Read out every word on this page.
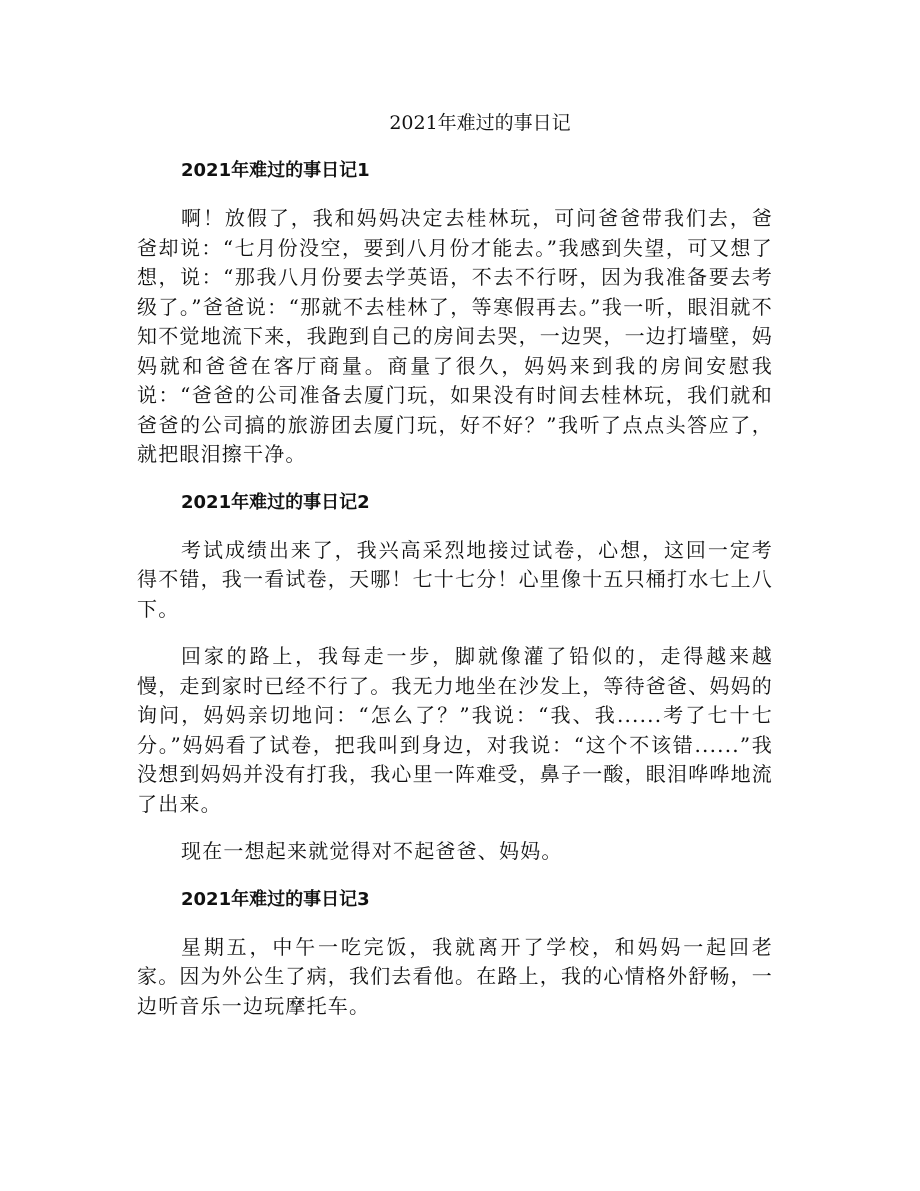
2021年难过的事日记
2021年难过的事日记1

啊！放假了，我和妈妈决定去桂林玩，可问爸爸带我们去，爸爸却说：“七月份没空，要到八月份才能去。”我感到失望，可又想了想，说：“那我八月份要去学英语，不去不行呀，因为我准备要去考级了。”爸爸说：“那就不去桂林了，等寒假再去。”我一听，眼泪就不知不觉地流下来，我跑到自己的房间去哭，一边哭，一边打墙壁，妈妈就和爸爸在客厅商量。商量了很久，妈妈来到我的房间安慰我说：“爸爸的公司准备去厦门玩，如果没有时间去桂林玩，我们就和爸爸的公司搞的旅游团去厦门玩，好不好？”我听了点点头答应了，就把眼泪擦干净。

2021年难过的事日记2

考试成绩出来了，我兴高采烈地接过试卷，心想，这回一定考得不错，我一看试卷，天哪！七十七分！心里像十五只桶打水七上八下。

回家的路上，我每走一步，脚就像灌了铅似的，走得越来越慢，走到家时已经不行了。我无力地坐在沙发上，等待爸爸、妈妈的询问，妈妈亲切地问：“怎么了？”我说：“我、我......考了七十七分。”妈妈看了试卷，把我叫到身边，对我说：“这个不该错......”我没想到妈妈并没有打我，我心里一阵难受，鼻子一酸，眼泪哗哗地流了出来。

现在一想起来就觉得对不起爸爸、妈妈。

2021年难过的事日记3

星期五，中午一吃完饭，我就离开了学校，和妈妈一起回老家。因为外公生了病，我们去看他。在路上，我的心情格外舒畅，一边听音乐一边玩摩托车。
